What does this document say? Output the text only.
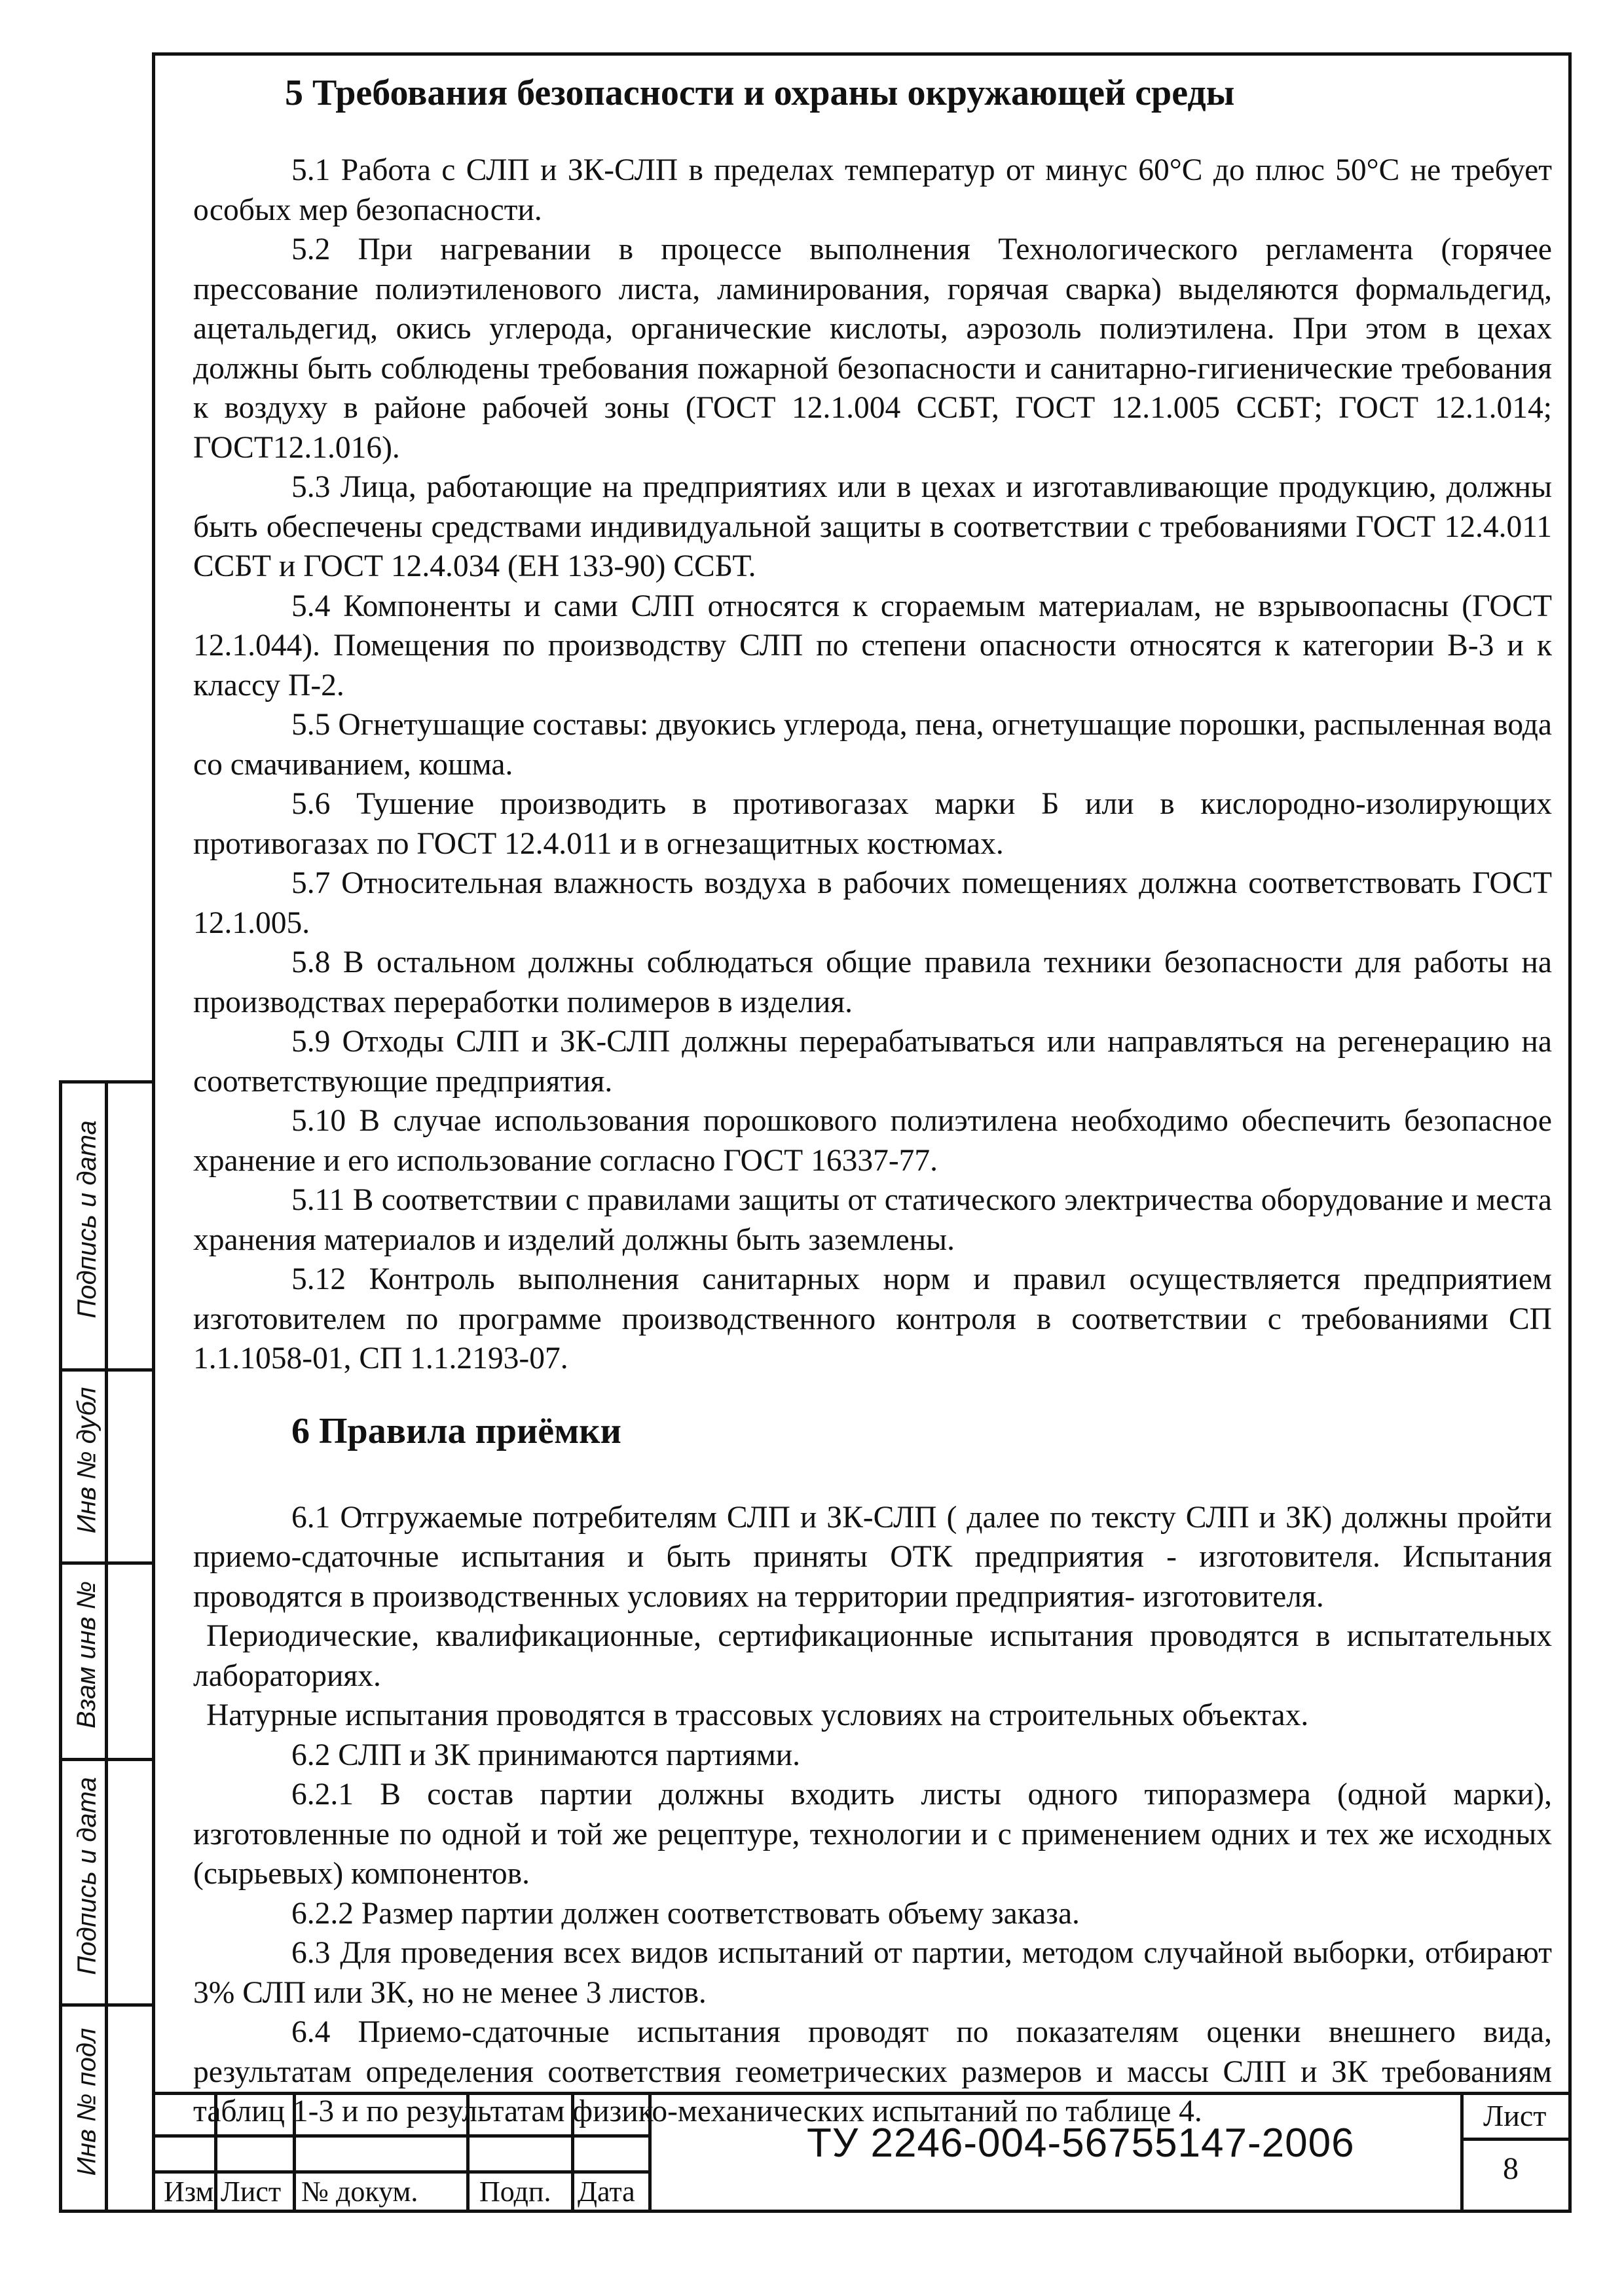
Подпись и дата
Инв № дубл
Взам инв №
Подпись и дата
Инв № подл
5 Требования безопасности и охраны окружающей среды

5.1 Работа с СЛП и ЗК-СЛП в пределах температур от минус 60°С до плюс 50°С не требует особых мер безопасности.

5.2 При нагревании в процессе выполнения Технологического регламента (горячее прессование полиэтиленового листа, ламинирования, горячая сварка) выделяются формальдегид, ацетальдегид, окись углерода, органические кислоты, аэрозоль полиэтилена. При этом в цехах должны быть соблюдены требования пожарной безопасности и санитарно-гигиенические требования к воздуху в районе рабочей зоны (ГОСТ 12.1.004 ССБТ, ГОСТ 12.1.005 ССБТ; ГОСТ 12.1.014; ГОСТ12.1.016).

5.3 Лица, работающие на предприятиях или в цехах и изготавливающие продукцию, должны быть обеспечены средствами индивидуальной защиты в соответствии с требованиями ГОСТ 12.4.011 ССБТ и ГОСТ 12.4.034 (ЕН 133-90) ССБТ.

5.4 Компоненты и сами СЛП относятся к сгораемым материалам, не взрывоопасны (ГОСТ 12.1.044). Помещения по производству СЛП по степени опасности относятся к категории В-3 и к классу П-2.

5.5 Огнетушащие составы: двуокись углерода, пена, огнетушащие порошки, распыленная вода со смачиванием, кошма.

5.6 Тушение производить в противогазах марки Б или в кислородно-изолирующих противогазах по ГОСТ 12.4.011 и в огнезащитных костюмах.

5.7 Относительная влажность воздуха в рабочих помещениях должна соответствовать ГОСТ 12.1.005.

5.8 В остальном должны соблюдаться общие правила техники безопасности для работы на производствах переработки полимеров в изделия.

5.9 Отходы СЛП и ЗК-СЛП должны перерабатываться или направляться на регенерацию на соответствующие предприятия.

5.10 В случае использования порошкового полиэтилена необходимо обеспечить безопасное хранение и его использование согласно ГОСТ 16337-77.

5.11 В соответствии с правилами защиты от статического электричества оборудование и места хранения материалов и изделий должны быть заземлены.

5.12 Контроль выполнения санитарных норм и правил осуществляется предприятием изготовителем по программе производственного контроля в соответствии с требованиями СП 1.1.1058-01, СП 1.1.2193-07.

6 Правила приёмки

6.1 Отгружаемые потребителям СЛП и ЗК-СЛП ( далее по тексту СЛП и ЗК) должны пройти приемо-сдаточные испытания и быть приняты ОТК предприятия - изготовителя. Испытания проводятся в производственных условиях на территории предприятия- изготовителя.

Периодические, квалификационные, сертификационные испытания проводятся в испытательных лабораториях.

Натурные испытания проводятся в трассовых условиях на строительных объектах.

6.2 СЛП и ЗК принимаются партиями.

6.2.1 В состав партии должны входить листы одного типоразмера (одной марки), изготовленные по одной и той же рецептуре, технологии и с применением одних и тех же исходных (сырьевых) компонентов.

6.2.2 Размер партии должен соответствовать объему заказа.

6.3 Для проведения всех видов испытаний от партии, методом случайной выборки, отбирают 3% СЛП или ЗК, но не менее 3 листов.

6.4 Приемо-сдаточные испытания проводят по показателям оценки внешнего вида, результатам определения соответствия геометрических размеров и массы СЛП и ЗК требованиям таблиц 1-3 и по результатам физико-механических испытаний по таблице 4.

Изм Лист № докум. Подп. Дата
ТУ 2246-004-56755147-2006
Лист
8
